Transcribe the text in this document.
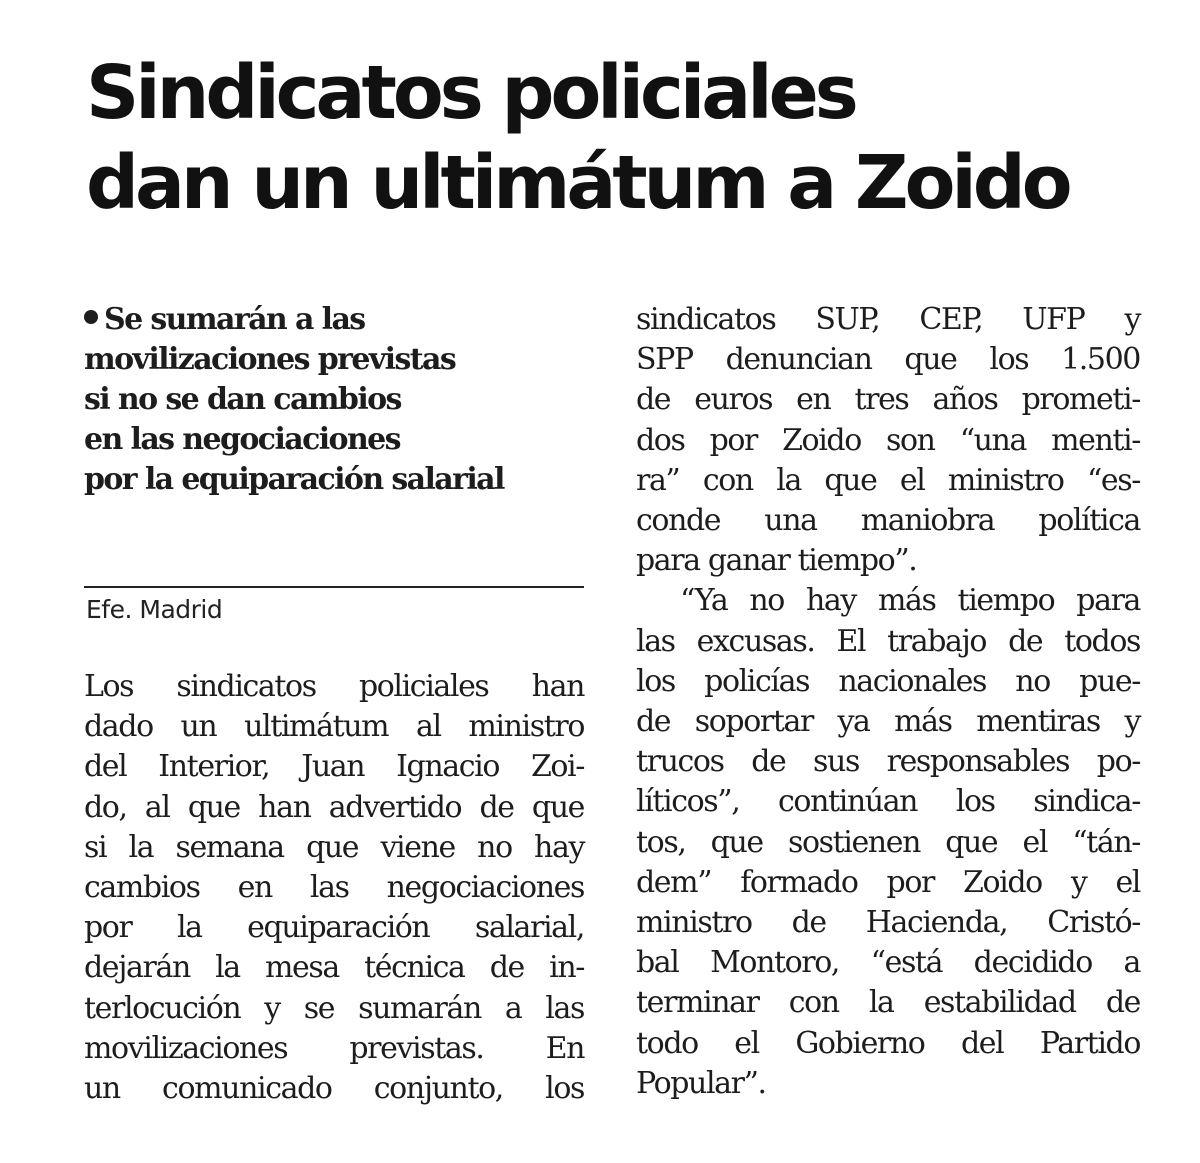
Sindicatos policiales
dan un ultimátum a Zoido
Se sumarán a las
movilizaciones previstas
si no se dan cambios
en las negociaciones
por la equiparación salarial
Efe. Madrid
Los sindicatos policiales han
dado un ultimátum al ministro
del Interior, Juan Ignacio Zoi-
do, al que han advertido de que
si la semana que viene no hay
cambios en las negociaciones
por la equiparación salarial,
dejarán la mesa técnica de in-
terlocución y se sumarán a las
movilizaciones previstas. En
un comunicado conjunto, los
sindicatos SUP, CEP, UFP y
SPP denuncian que los 1.500
de euros en tres años prometi-
dos por Zoido son “una menti-
ra” con la que el ministro “es-
conde una maniobra política
para ganar tiempo”.
“Ya no hay más tiempo para
las excusas. El trabajo de todos
los policías nacionales no pue-
de soportar ya más mentiras y
trucos de sus responsables po-
líticos”, continúan los sindica-
tos, que sostienen que el “tán-
dem” formado por Zoido y el
ministro de Hacienda, Cristó-
bal Montoro, “está decidido a
terminar con la estabilidad de
todo el Gobierno del Partido
Popular”.
